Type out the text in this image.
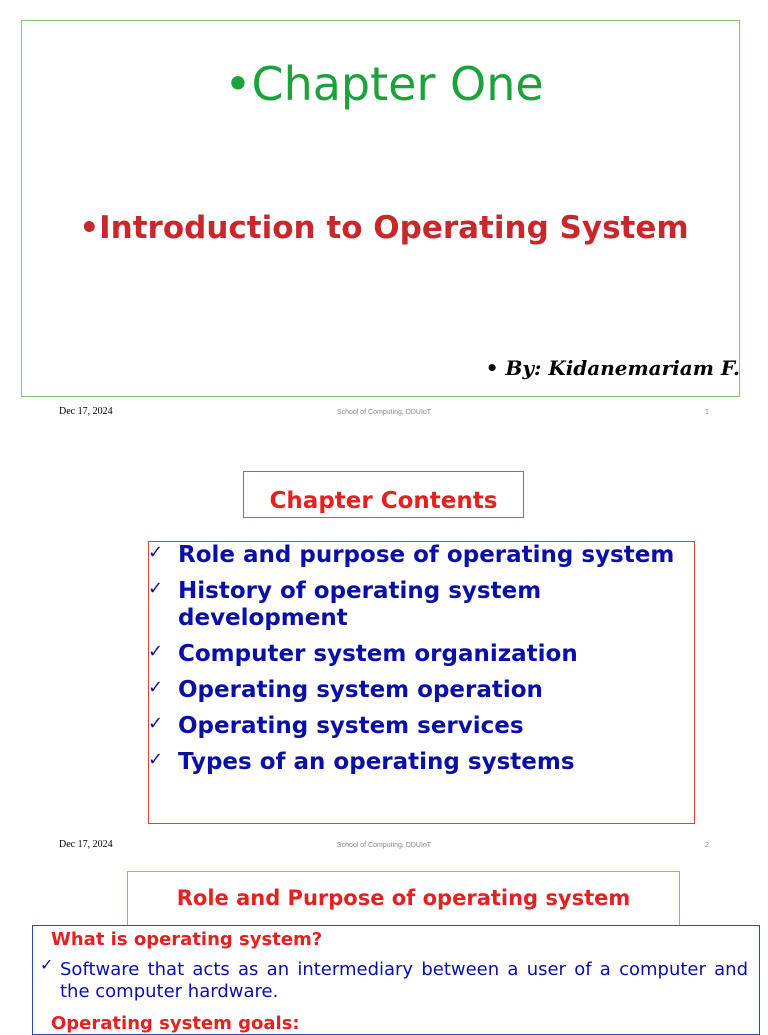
•Chapter One
•Introduction to Operating System
• By: Kidanemariam F.
Dec 17, 2024	School of Computing, DDUIoT	1
Chapter Contents
✓ Role and purpose of operating system
✓ History of operating system development
✓ Computer system organization
✓ Operating system operation
✓ Operating system services
✓ Types of an operating systems
Dec 17, 2024	School of Computing, DDUIoT	2
Role and Purpose of operating system
What is operating system?
✓ Software that acts as an intermediary between a user of a computer and the computer hardware.
Operating system goals:
